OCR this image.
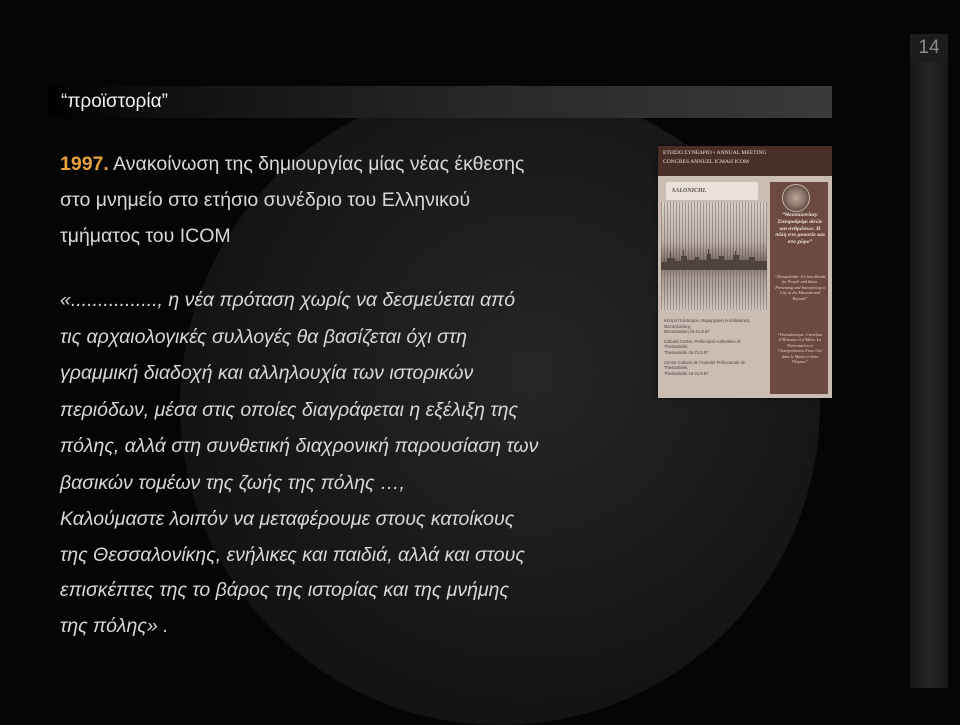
14
“προϊστορία”
1997. Ανακοίνωση της δημιουργίας μίας νέας έκθεσης
στο μνημείο στο ετήσιο συνέδριο του Ελληνικού
τμήματος του ICOM
«................, η νέα πρόταση χωρίς να δεσμεύεται από
τις αρχαιολογικές συλλογές θα βασίζεται όχι στη
γραμμική διαδοχή και αλληλουχία των ιστορικών
περιόδων, μέσα στις οποίες διαγράφεται η εξέλιξη της
πόλης, αλλά στη συνθετική διαχρονική παρουσίαση των
βασικών τομέων της ζωής της πόλης …,
Καλούμαστε λοιπόν να μεταφέρουμε στους κατοίκους
της Θεσσαλονίκης, ενήλικες και παιδιά, αλλά και στους
επισκέπτες της το βάρος της ιστορίας και της μνήμης
της πόλης» .
ΕΤΗΣΙΟ ΣΥΝΕΔΡΙΟ • ANNUAL MEETING
CONGRES ANNUEL ICMAH ICOM
SALONICHI.
“Θεσσαλονίκη: Σταυροδρόμι ιδεών και ανθρώπων. Η πόλη στο μουσείο και στο χώρο”
“Thessaloniki: A Cross-Roads for People and Ideas. Presenting and Interpreting a City in the Museum and Beyond”
“Thessalonique: Carrefour d’Hommes et d’Idées. La Présentation et l’Interprétation d’une Cité dans le Musée et hors l’Espace”
Κέντρο Πολιτισμού, Νομαρχιακή Αυτοδιοίκηση Θεσσαλονίκης,
Θεσσαλονίκη 16-21.9.97
Cultural Centre, Prefectural Authorities of Thessaloniki,
Thessaloniki 16-21.9.97
Centre Culturel de l’Autorité Préfectorale de Thessaloniki,
Thessaloniki 16-21.9.97
